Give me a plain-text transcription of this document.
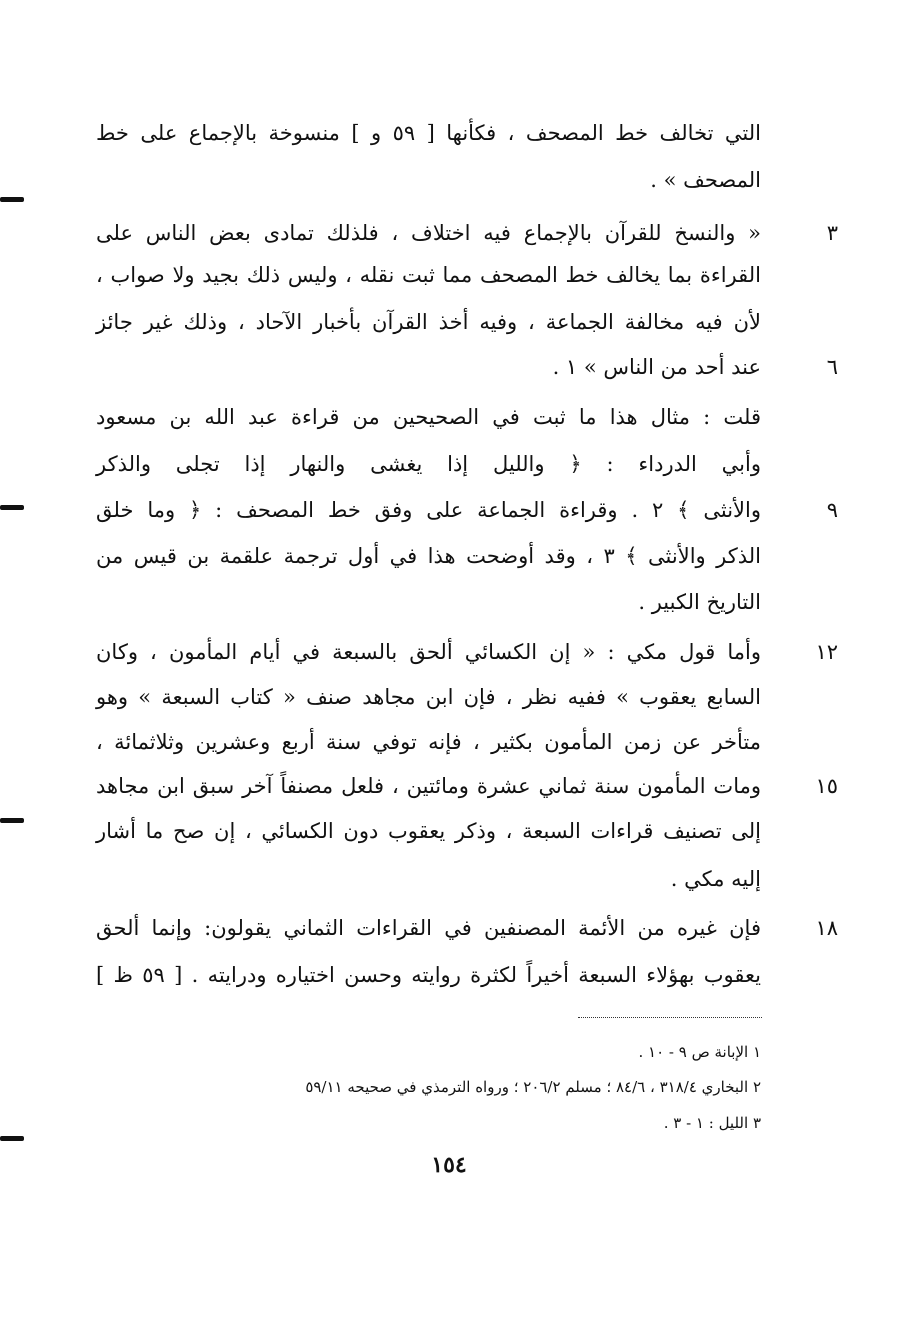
التي تخالف خط المصحف ، فكأنها [ ٥٩ و ] منسوخة بالإجماع على خط
المصحف » .
« والنسخ للقرآن بالإجماع فيه اختلاف ، فلذلك تمادى بعض الناس على
القراءة بما يخالف خط المصحف مما ثبت نقله ، وليس ذلك بجيد ولا صواب ،
لأن فيه مخالفة الجماعة ، وفيه أخذ القرآن بأخبار الآحاد ، وذلك غير جائز
عند أحد من الناس » ١ .
قلت : مثال هذا ما ثبت في الصحيحين من قراءة عبد الله بن مسعود
وأبي الدرداء : ﴿ والليل إذا يغشى والنهار إذا تجلى والذكر
والأنثى ﴾ ٢ . وقراءة الجماعة على وفق خط المصحف : ﴿ وما خلق
الذكر والأنثى ﴾ ٣ ، وقد أوضحت هذا في أول ترجمة علقمة بن قيس من
التاريخ الكبير .
وأما قول مكي : « إن الكسائي ألحق بالسبعة في أيام المأمون ، وكان
السابع يعقوب » ففيه نظر ، فإن ابن مجاهد صنف « كتاب السبعة » وهو
متأخر عن زمن المأمون بكثير ، فإنه توفي سنة أربع وعشرين وثلاثمائة ،
ومات المأمون سنة ثماني عشرة ومائتين ، فلعل مصنفاً آخر سبق ابن مجاهد
إلى تصنيف قراءات السبعة ، وذكر يعقوب دون الكسائي ، إن صح ما أشار
إليه مكي .
فإن غيره من الأئمة المصنفين في القراءات الثماني يقولون: وإنما ألحق
يعقوب بهؤلاء السبعة أخيراً لكثرة روايته وحسن اختياره ودرايته . [ ٥٩ ظ ]
٣
٦
٩
١٢
١٥
١٨
١ الإبانة ص ٩ - ١٠ .
٢ البخاري ٣١٨/٤ ، ٨٤/٦ ؛ مسلم ٢٠٦/٢ ؛ ورواه الترمذي في صحيحه ٥٩/١١
٣ الليل : ١ - ٣ .
١٥٤
